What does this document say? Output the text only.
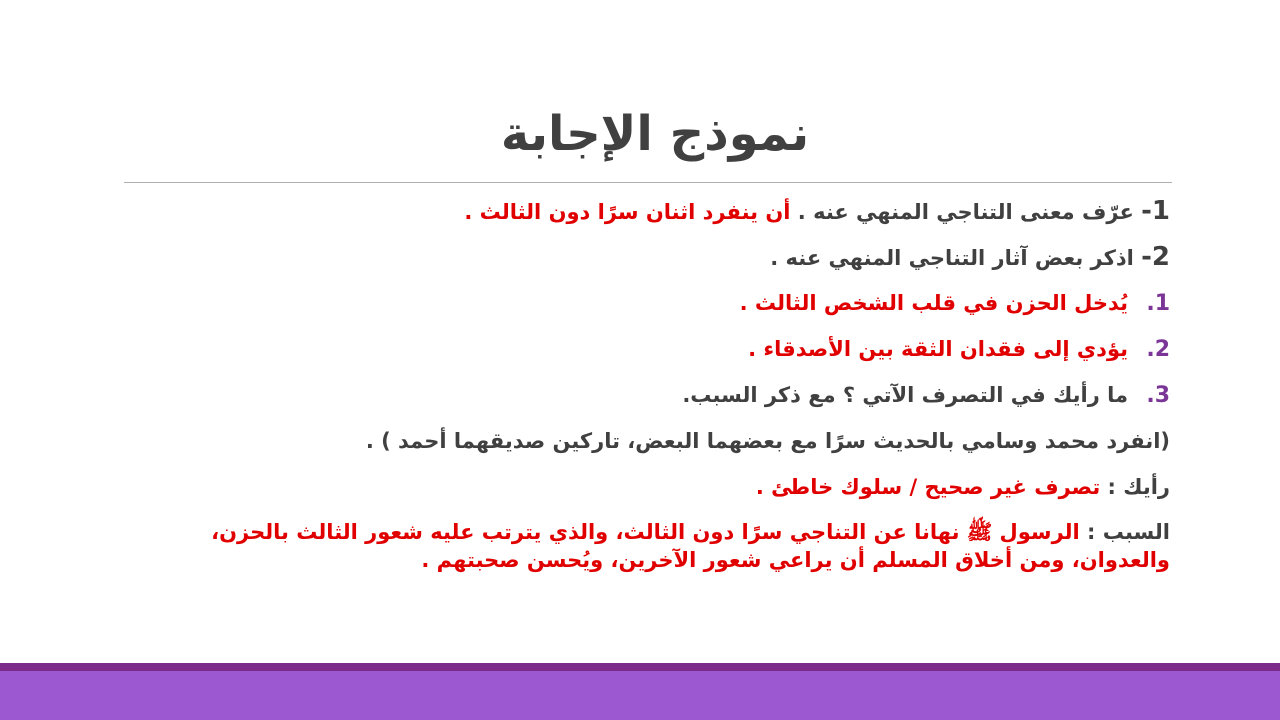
نموذج الإجابة
1- عرّف معنى التناجي المنهي عنه . أن ينفرد اثنان سرًا دون الثالث .
2- اذكر بعض آثار التناجي المنهي عنه .
1.يُدخل الحزن في قلب الشخص الثالث .
2.يؤدي إلى فقدان الثقة بين الأصدقاء .
3.ما رأيك في التصرف الآتي ؟ مع ذكر السبب.
(انفرد محمد وسامي بالحديث سرًا مع بعضهما البعض، تاركين صديقهما أحمد ) .
رأيك : تصرف غير صحيح / سلوك خاطئ .
السبب : الرسول ﷺ نهانا عن التناجي سرًا دون الثالث، والذي يترتب عليه شعور الثالث بالحزن، والعدوان، ومن أخلاق المسلم أن يراعي شعور الآخرين، ويُحسن صحبتهم .
